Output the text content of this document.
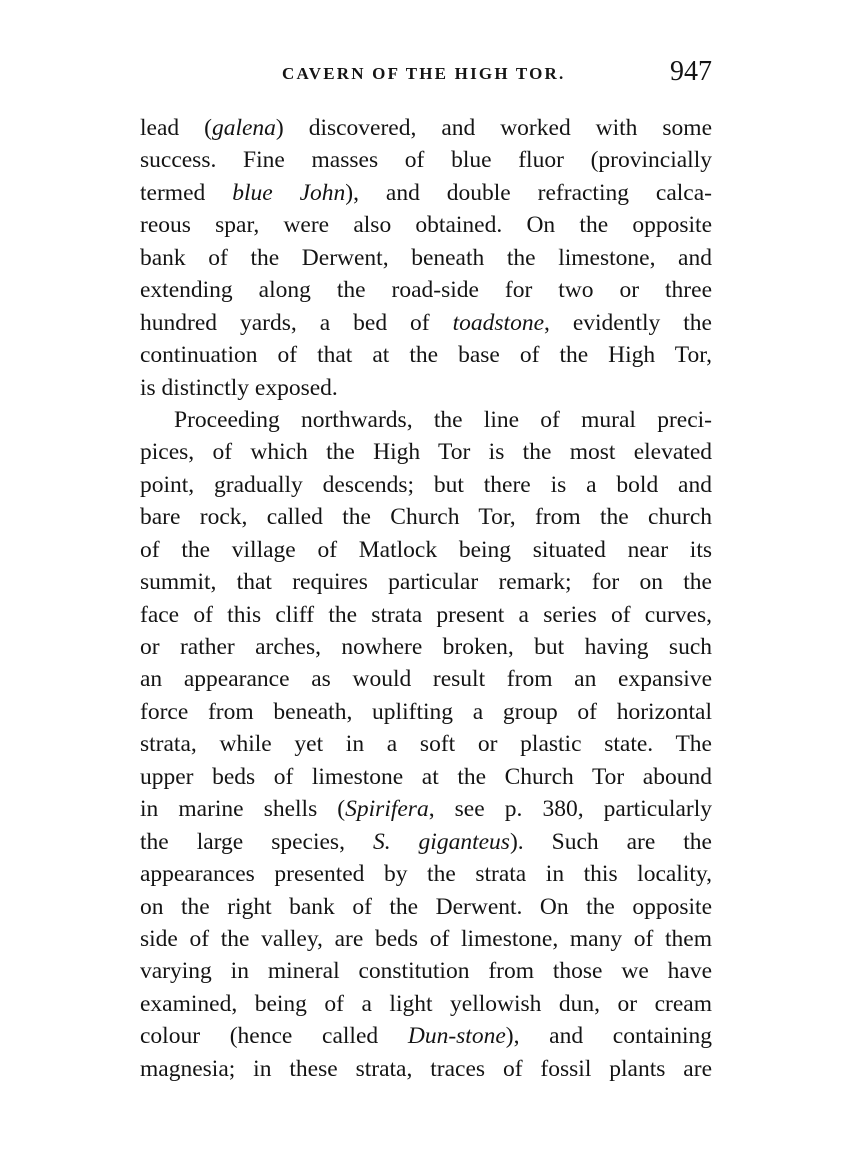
CAVERN OF THE HIGH TOR.	947
lead (galena) discovered, and worked with some
success. Fine masses of blue fluor (provincially
termed blue John), and double refracting calca-
reous spar, were also obtained. On the opposite
bank of the Derwent, beneath the limestone, and
extending along the road-side for two or three
hundred yards, a bed of toadstone, evidently the
continuation of that at the base of the High Tor,
is distinctly exposed.
Proceeding northwards, the line of mural preci-
pices, of which the High Tor is the most elevated
point, gradually descends; but there is a bold and
bare rock, called the Church Tor, from the church
of the village of Matlock being situated near its
summit, that requires particular remark; for on the
face of this cliff the strata present a series of curves,
or rather arches, nowhere broken, but having such
an appearance as would result from an expansive
force from beneath, uplifting a group of horizontal
strata, while yet in a soft or plastic state. The
upper beds of limestone at the Church Tor abound
in marine shells (Spirifera, see p. 380, particularly
the large species, S. giganteus). Such are the
appearances presented by the strata in this locality,
on the right bank of the Derwent. On the opposite
side of the valley, are beds of limestone, many of them
varying in mineral constitution from those we have
examined, being of a light yellowish dun, or cream
colour (hence called Dun-stone), and containing
magnesia; in these strata, traces of fossil plants are
